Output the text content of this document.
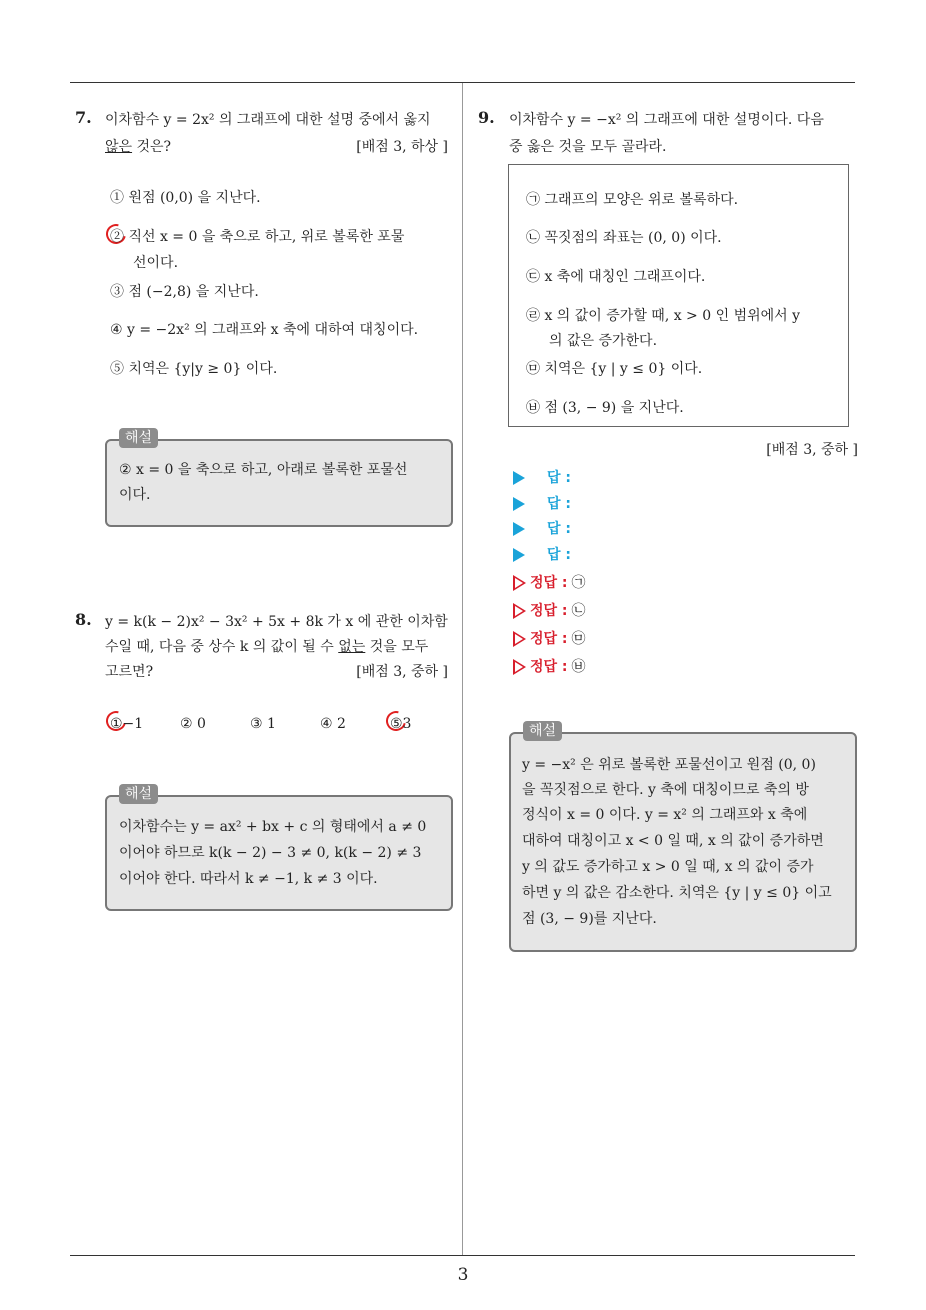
7. 이차함수 y = 2x² 의 그래프에 대한 설명 중에서 옳지
않은 것은?	[배점 3, 하상 ]
① 원점 (0,0) 을 지난다.
② 직선 x = 0 을 축으로 하고, 위로 볼록한 포물
선이다.
③ 점 (−2,8) 을 지난다.
④ y = −2x² 의 그래프와 x 축에 대하여 대칭이다.
⑤ 치역은 {y|y ≥ 0} 이다.
해설
② x = 0 을 축으로 하고, 아래로 볼록한 포물선
이다.
8. y = k(k − 2)x² − 3x² + 5x + 8k 가 x 에 관한 이차함
수일 때, 다음 중 상수 k 의 값이 될 수 없는 것을 모두
고르면?	[배점 3, 중하 ]
①−1	② 0	③ 1	④ 2	⑤3
해설
이차함수는 y = ax² + bx + c 의 형태에서 a ≠ 0
이어야 하므로 k(k − 2) − 3 ≠ 0, k(k − 2) ≠ 3
이어야 한다. 따라서 k ≠ −1, k ≠ 3 이다.
9. 이차함수 y = −x² 의 그래프에 대한 설명이다. 다음
중 옳은 것을 모두 골라라.
㉠ 그래프의 모양은 위로 볼록하다.
㉡ 꼭짓점의 좌표는 (0, 0) 이다.
㉢ x 축에 대칭인 그래프이다.
㉣ x 의 값이 증가할 때, x > 0 인 범위에서 y
의 값은 증가한다.
㉤ 치역은 {y | y ≤ 0} 이다.
㉥ 점 (3, − 9) 을 지난다.
[배점 3, 중하 ]
답 :
답 :
답 :
답 :
정답 : ㉠
정답 : ㉡
정답 : ㉤
정답 : ㉥
해설
y = −x² 은 위로 볼록한 포물선이고 원점 (0, 0)
을 꼭짓점으로 한다. y 축에 대칭이므로 축의 방
정식이 x = 0 이다. y = x² 의 그래프와 x 축에
대하여 대칭이고 x < 0 일 때, x 의 값이 증가하면
y 의 값도 증가하고 x > 0 일 때, x 의 값이 증가
하면 y 의 값은 감소한다. 치역은 {y | y ≤ 0} 이고
점 (3, − 9)를 지난다.
3
